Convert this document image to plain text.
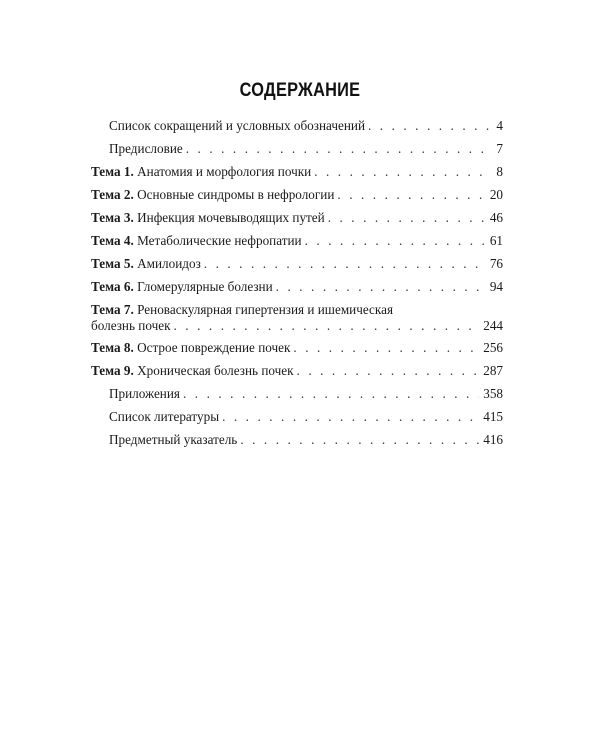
СОДЕРЖАНИЕ
Список сокращений и условных обозначений . . .	4
Предисловие . . .	7
Тема 1. Анатомия и морфология почки . . .	8
Тема 2. Основные синдромы в нефрологии . . .	20
Тема 3. Инфекция мочевыводящих путей . . .	46
Тема 4. Метаболические нефропатии . . .	61
Тема 5. Амилоидоз . . .	76
Тема 6. Гломерулярные болезни . . .	94
Тема 7. Реноваскулярная гипертензия и ишемическая
болезнь почек . . .	244
Тема 8. Острое повреждение почек . . .	256
Тема 9. Хроническая болезнь почек . . .	287
Приложения . . .	358
Список литературы . . .	415
Предметный указатель . . .	416
